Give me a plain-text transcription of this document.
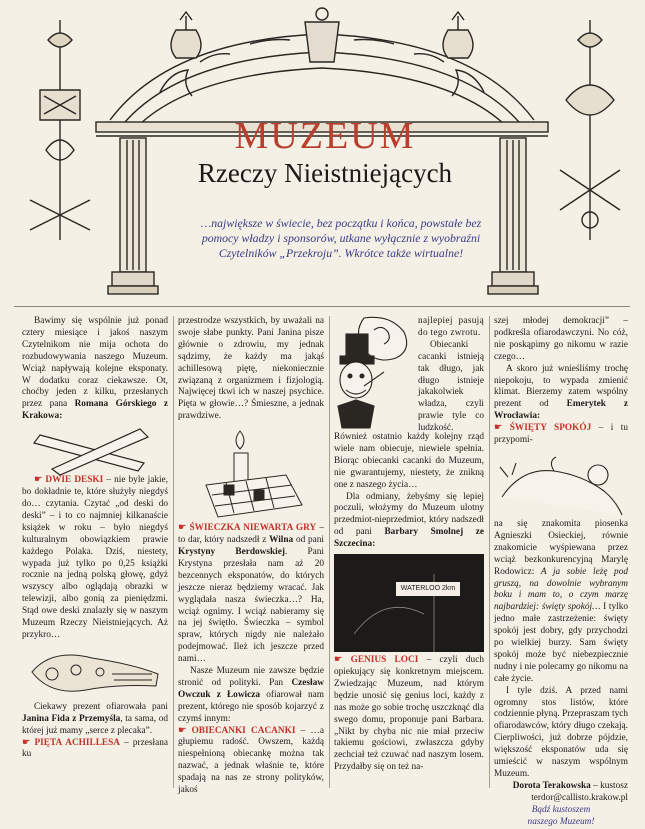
MUZEUM
Rzeczy Nieistniejących
…największe w świecie, bez początku i końca, powstałe bez pomocy władzy i sponsorów, utkane wyłącznie z wyobraźni Czytelników „Przekroju”. Wkrótce także wirtualne!

Bawimy się wspólnie już ponad cztery miesiące i jakoś naszym Czytelnikom nie mija ochota do rozbudowywania naszego Muzeum. Wciąż napływają kolejne eksponaty. W dodatku coraz ciekawsze. Ot, choćby jeden z kilku, przesłanych przez pana Romana Górskiego z Krakowa:

☛ DWIE DESKI – nie byle jakie, bo dokładnie te, które służyły niegdyś do… czytania. Czytać „od deski do deski” – i to co najmniej kilkanaście książek w roku – było niegdyś kulturalnym obowiązkiem prawie każdego Polaka. Dziś, niestety, wypada już tylko po 0,25 książki rocznie na jedną polską głowę, gdyż wszyscy albo oglądają obrazki w telewizji, albo gonią za pieniędzmi. Stąd owe deski znalazły się w naszym Muzeum Rzeczy Nieistniejących. Aż przykro…

Ciekawy prezent ofiarowała pani Janina Fida z Przemyśla, ta sama, od której już mamy „serce z plecaka”.

☛ PIĘTA ACHILLESA – przesłana ku

przestrodze wszystkich, by uważali na swoje słabe punkty. Pani Janina pisze głównie o zdrowiu, my jednak sądzimy, że każdy ma jakąś achillesową piętę, niekoniecznie związaną z organizmem i fizjologią. Najwięcej tkwi ich w naszej psychice. Pięta w głowie…? Śmieszne, a jednak prawdziwe.

☛ ŚWIECZKA NIEWARTA GRY – to dar, który nadszedł z Wilna od pani Krystyny Berdowskiej. Pani Krystyna przesłała nam aż 20 bezcennych eksponatów, do których jeszcze nieraz będziemy wracać. Jak wyglądała nasza świeczka…? Ha, wciąż ognimy. I wciąż nabieramy się na jej świętło. Świeczka – symbol spraw, których nigdy nie należało podejmować. Ileż ich jeszcze przed nami…

Nasze Muzeum nie zawsze będzie stronić od polityki. Pan Czesław Owczuk z Łowicza ofiarował nam prezent, którego nie sposób kojarzyć z czymś innym:

☛ OBIECANKI CACANKI – …a głupiemu radość. Owszem, każdą niespełnioną obiecankę można tak nazwać, a jednak właśnie te, które spadają na nas ze strony polityków, jakoś

najlepiej pasują do tego zwrotu.

Obiecanki cacanki istnieją tak długo, jak długo istnieje jakakolwiek władza, czyli prawie tyle co ludzkość.

Również ostatnio każdy kolejny rząd wiele nam obiecuje, niewiele spełnia. Biorąc obiecanki cacanki do Muzeum, nie gwarantujemy, niestety, że znikną one z naszego życia…

Dla odmiany, żebyśmy się lepiej poczuli, włożymy do Muzeum ulotny przedmiot-nieprzedmiot, który nadszedł od pani Barbary Smolnej ze Szczecina:

WATERLOO 2km

☛ GENIUS LOCI – czyli duch opiekujący się konkretnym miejscem. Zwiedzając Muzeum, nad którym będzie unosić się genius loci, każdy z nas może go sobie trochę uszczknąć dla swego domu, proponuje pani Barbara. „Nikt by chyba nic nie miał przeciw takiemu gościowi, zwłaszcza gdyby zechciał też czuwać nad naszym losem. Przydałby się on też na-

szej młodej demokracji” – podkreśla ofiarodawczyni. No cóż, nie poskąpimy go nikomu w razie czego…

A skoro już wnieśliśmy trochę niepokoju, to wypada zmienić klimat. Bierzemy zatem wspólny prezent od Emerytek z Wrocławia:

☛ ŚWIĘTY SPOKÓJ – i tu przypomi-

na się znakomita piosenka Agnieszki Osieckiej, równie znakomicie wyśpiewana przez wciąż bezkonkurencyjną Marylę Rodowicz: A ja sobie leżę pod gruszą, na dowolnie wybranym boku i mam to, o czym marzę najbardziej: święty spokój… I tylko jedno małe zastrzeżenie: święty spokój jest dobry, gdy przychodzi po wielkiej burzy. Sam święty spokój może być niebezpiecznie nudny i nie polecamy go nikomu na całe życie.

I tyle dziś. A przed nami ogromny stos listów, które codziennie płyną. Przepraszam tych ofiarodawców, który długo czekają. Cierpliwości, już dobrze pójdzie, większość eksponatów uda się umieścić w naszym wspólnym Muzeum.

Dorota Terakowska – kustosz

terdor@callisto.krakow.pl

Bądź kustoszem
naszego Muzeum!
